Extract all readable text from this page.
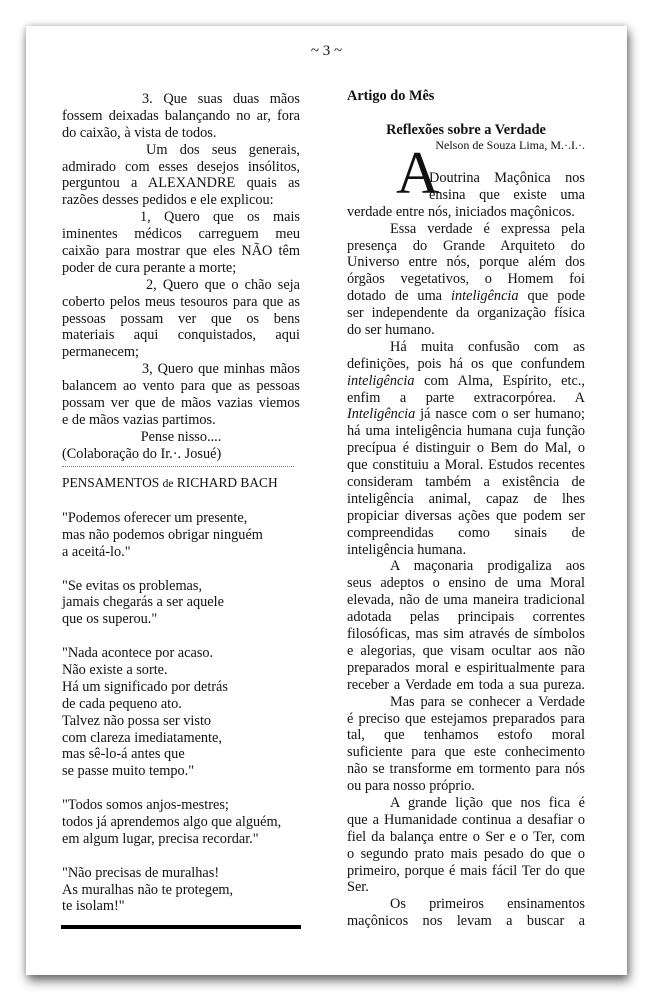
~ 3 ~
3. Que suas duas mãos
fossem deixadas balançando no ar, fora
do caixão, à vista de todos.
Um dos seus generais,
admirado com esses desejos insólitos,
perguntou a ALEXANDRE quais as
razões desses pedidos e ele explicou:
1, Quero que os mais
iminentes médicos carreguem meu
caixão para mostrar que eles NÃO têm
poder de cura perante a morte;
2, Quero que o chão seja
coberto pelos meus tesouros para que as
pessoas possam ver que os bens
materiais aqui conquistados, aqui
permanecem;
3, Quero que minhas mãos
balancem ao vento para que as pessoas
possam ver que de mãos vazias viemos
e de mãos vazias partimos.
Pense nisso....
(Colaboração do Ir.·. Josué)
PENSAMENTOS de RICHARD BACH
"Podemos oferecer um presente,
mas não podemos obrigar ninguém
a aceitá-lo."
"Se evitas os problemas,
jamais chegarás a ser aquele
que os superou."
"Nada acontece por acaso.
Não existe a sorte.
Há um significado por detrás
de cada pequeno ato.
Talvez não possa ser visto
com clareza imediatamente,
mas sê-lo-á antes que
se passe muito tempo."
"Todos somos anjos-mestres;
todos já aprendemos algo que alguém,
em algum lugar, precisa recordar."
"Não precisas de muralhas!
As muralhas não te protegem,
te isolam!"
Artigo do Mês
Reflexões sobre a Verdade
Nelson de Souza Lima, M.·.I.·.
A
Doutrina Maçônica nos
ensina que existe uma
verdade entre nós, iniciados maçônicos.
Essa verdade é expressa pela
presença do Grande Arquiteto do
Universo entre nós, porque além dos
órgãos vegetativos, o Homem foi
dotado de uma inteligência que pode
ser independente da organização física
do ser humano.
Há muita confusão com as
definições, pois há os que confundem
inteligência com Alma, Espírito, etc.,
enfim a parte extracorpórea. A
Inteligência já nasce com o ser humano;
há uma inteligência humana cuja função
precípua é distinguir o Bem do Mal, o
que constituiu a Moral. Estudos recentes
consideram também a existência de
inteligência animal, capaz de lhes
propiciar diversas ações que podem ser
compreendidas como sinais de
inteligência humana.
A maçonaria prodigaliza aos
seus adeptos o ensino de uma Moral
elevada, não de uma maneira tradicional
adotada pelas principais correntes
filosóficas, mas sim através de símbolos
e alegorias, que visam ocultar aos não
preparados moral e espiritualmente para
receber a Verdade em toda a sua pureza.
Mas para se conhecer a Verdade
é preciso que estejamos preparados para
tal, que tenhamos estofo moral
suficiente para que este conhecimento
não se transforme em tormento para nós
ou para nosso próprio.
A grande lição que nos fica é
que a Humanidade continua a desafiar o
fiel da balança entre o Ser e o Ter, com
o segundo prato mais pesado do que o
primeiro, porque é mais fácil Ter do que
Ser.
Os primeiros ensinamentos
maçônicos nos levam a buscar a
